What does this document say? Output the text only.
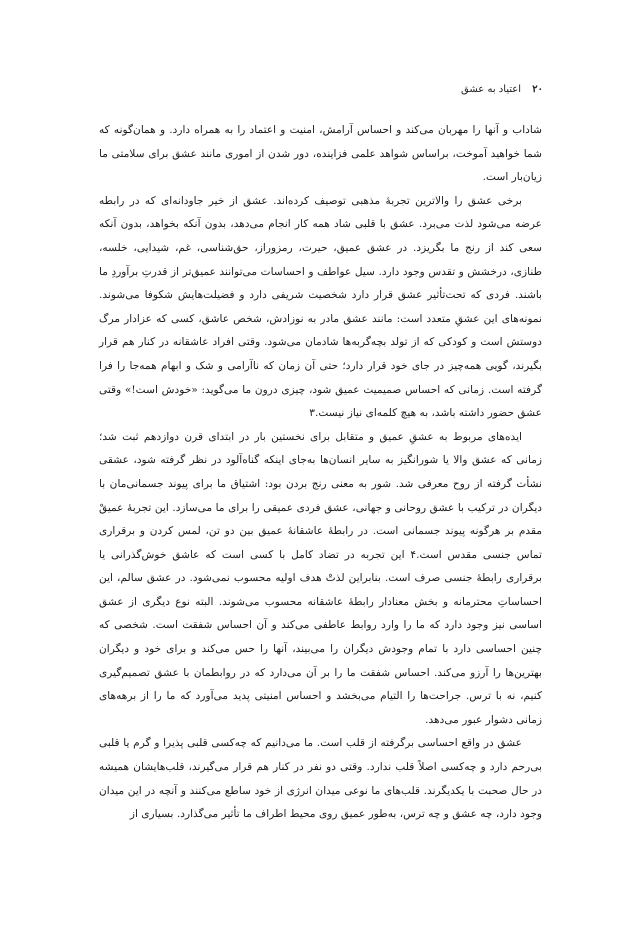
۲۰ اعتیاد به عشق

شاداب و آنها را مهربان می‌کند و احساس آرامش، امنیت و اعتماد را به همراه دارد. و همان‌گونه که شما خواهید آموخت، براساس شواهد علمی فزاینده، دور شدن از اموری مانند عشق برای سلامتی ما زیان‌بار است.

برخی عشق را والاترین تجربهٔ مذهبی توصیف کرده‌اند. عشق از خیر جاودانه‌ای که در رابطه عرضه می‌شود لذت می‌برد. عشق با قلبی شاد همه کار انجام می‌دهد، بدون آنکه بخواهد، بدون آنکه سعی کند از رنج ما بگریزد. در عشق عمیق، حیرت، رمزوراز، حق‌شناسی، غم، شیدایی، خلسه، طنازی، درخشش و تقدس وجود دارد. سیل عواطف و احساسات می‌توانند عمیق‌تر از قدرتِ برآوردِ ما باشند. فردی که تحت‌تأثیر عشق قرار دارد شخصیت شریفی دارد و فضیلت‌هایش شکوفا می‌شوند. نمونه‌های این عشقِ متعدد است: مانند عشق مادر به نوزادش، شخص عاشق، کسی که عزادار مرگ دوستش است و کودکی که از تولد بچه‌گربه‌ها شادمان می‌شود. وقتی افراد عاشقانه در کنار هم قرار بگیرند، گویی همه‌چیز در جای خود قرار دارد؛ حتی آن زمان که ناآرامی و شک و ابهام همه‌جا را فرا گرفته است. زمانی که احساس صمیمیت عمیق شود، چیزی درون ما می‌گوید: «خودش است!» وقتی عشق حضور داشته باشد، به هیچ کلمه‌ای نیاز نیست.۳

ایده‌های مربوط به عشقِ عمیق و متقابل برای نخستین بار در ابتدای قرن دوازدهم ثبت شد؛ زمانی که عشق والا یا شورانگیز به سایر انسان‌ها به‌جای اینکه گناه‌آلود در نظر گرفته شود، عشقی نشأت گرفته از روح معرفی شد. شور به معنی رنج بردن بود: اشتیاق ما برای پیوند جسمانی‌مان با دیگران در ترکیب با عشق روحانی و جهانی، عشق فردی عمیقی را برای ما می‌سازد. این تجربهٔ عمیقْ مقدم بر هرگونه پیوند جسمانی است. در رابطهٔ عاشقانهٔ عمیق بین دو تن، لمس کردن و برقراری تماس جنسی مقدس است.۴ این تجربه در تضاد کامل با کسی است که عاشق خوش‌گذرانی یا برقراری رابطهٔ جنسی صرف است. بنابراین لذتْ هدف اولیه محسوب نمی‌شود. در عشق سالم، این احساساتِ محترمانه و بخش معنادار رابطهٔ عاشقانه محسوب می‌شوند. البته نوع دیگری از عشق اساسی نیز وجود دارد که ما را وارد روابط عاطفی می‌کند و آن احساس شفقت است. شخصی که چنین احساسی دارد با تمام وجودش دیگران را می‌بیند، آنها را حس می‌کند و برای خود و دیگران بهترین‌ها را آرزو می‌کند. احساس شفقت ما را بر آن می‌دارد که در روابطمان با عشق تصمیم‌گیری کنیم، نه با ترس. جراحت‌ها را التیام می‌بخشد و احساس امنیتی پدید می‌آورد که ما را از برهه‌های زمانی دشوار عبور می‌دهد.

عشق در واقع احساسی برگرفته از قلب است. ما می‌دانیم که چه‌کسی قلبی پذیرا و گرم یا قلبی بی‌رحم دارد و چه‌کسی اصلاً قلب ندارد. وقتی دو نفر در کنار هم قرار می‌گیرند، قلب‌هایشان همیشه در حال صحبت با یکدیگرند. قلب‌های ما نوعی میدان انرژی از خود ساطع می‌کنند و آنچه در این میدان وجود دارد، چه عشق و چه ترس، به‌طور عمیق روی محیط اطراف ما تأثیر می‌گذارد. بسیاری از
